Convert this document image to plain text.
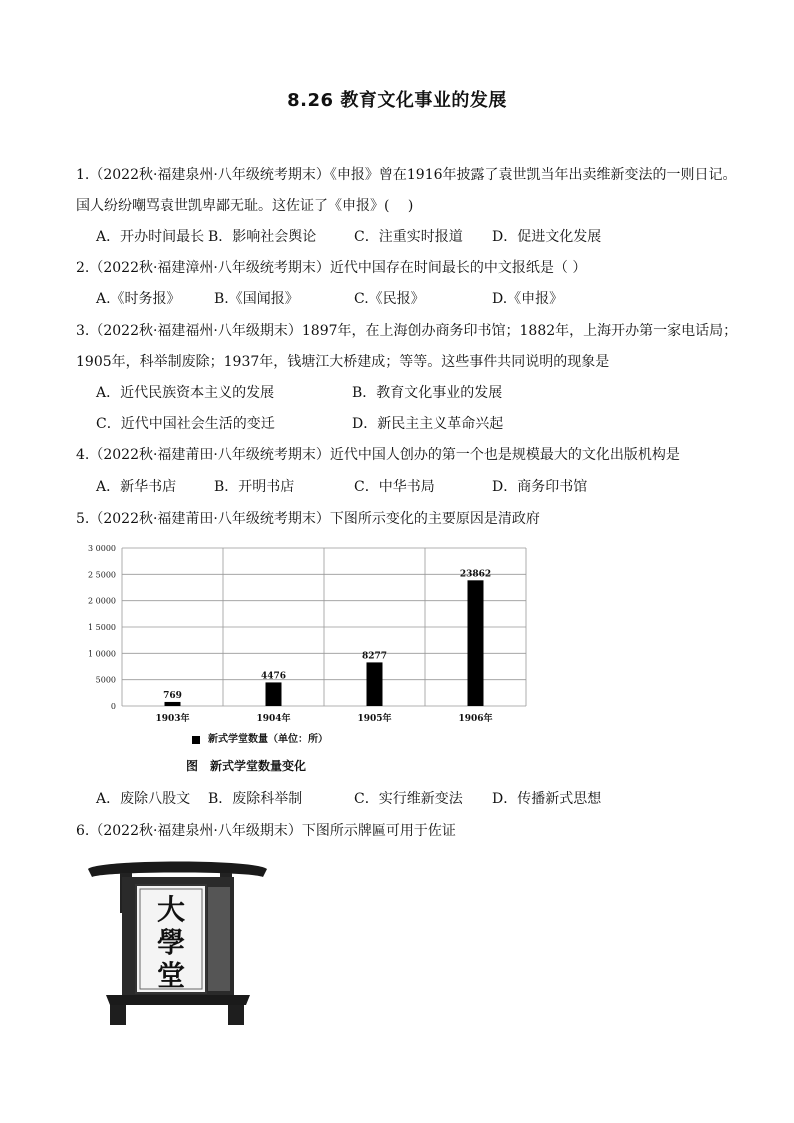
8.26 教育文化事业的发展
1.（2022秋·福建泉州·八年级统考期末）《申报》曾在1916年披露了袁世凯当年出卖维新变法的一则日记。
国人纷纷嘲骂袁世凯卑鄙无耻。这佐证了《申报》(　 )
A．开办时间最长 B．影响社会舆论	C．注重实时报道 D．促进文化发展
2.（2022秋·福建漳州·八年级统考期末）近代中国存在时间最长的中文报纸是（ ）
A.《时务报》 B.《国闻报》	C.《民报》	D.《申报》
3.（2022秋·福建福州·八年级期末）1897年，在上海创办商务印书馆；1882年，上海开办第一家电话局；
1905年，科举制废除；1937年，钱塘江大桥建成；等等。这些事件共同说明的现象是
A．近代民族资本主义的发展	B．教育文化事业的发展
C．近代中国社会生活的变迁	D．新民主主义革命兴起
4.（2022秋·福建莆田·八年级统考期末）近代中国人创办的第一个也是规模最大的文化出版机构是
A．新华书店	B．开明书店	C．中华书局	D．商务印书馆
5.（2022秋·福建莆田·八年级统考期末）下图所示变化的主要原因是清政府
3 0000
2 5000
2 0000
1 5000
1 0000
5000
0
769
1903年
4476
1904年
8277
1905年
23862
1906年
新式学堂数量（单位：所）
图　新式学堂数量变化
A．废除八股文 B．废除科举制	C．实行维新变法 D．传播新式思想
6.（2022秋·福建泉州·八年级期末）下图所示牌匾可用于佐证
大
學
堂
